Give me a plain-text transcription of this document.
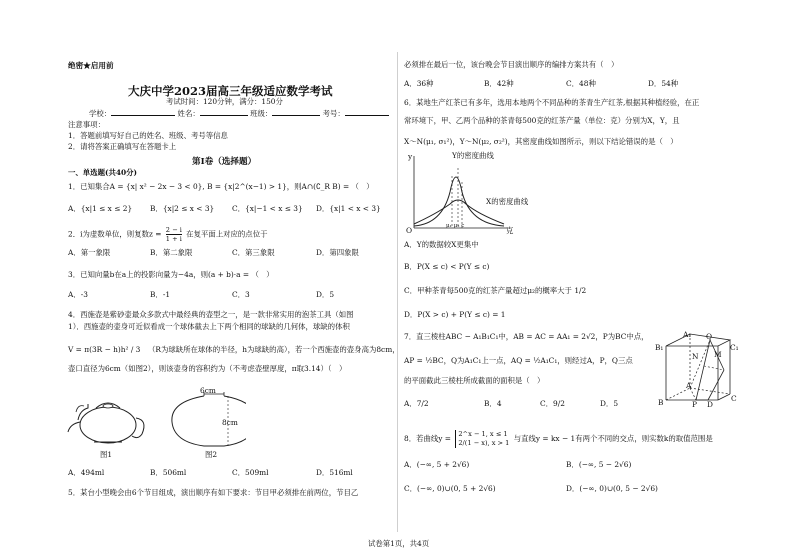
绝密★启用前
大庆中学2023届高三年级适应数学考试
考试时间：120分钟，满分：150分
学校：	姓名：	班级：	考号：
注意事项：
1．答题前填写好自己的姓名、班级、考号等信息
2．请将答案正确填写在答题卡上
第Ⅰ卷（选择题）
一、单选题(共40分)
1．已知集合A = {x| x² − 2x − 3 < 0}, B = {x|2^(x−1) > 1}，则A∩(∁_R B) = （　）
A．{x|1 ≤ x ≤ 2} B．{x|2 ≤ x < 3} C．{x|−1 < x ≤ 3} D．{x|1 < x < 3}
2．i为虚数单位，则复数$z = \frac{2 - i}{1 + i}$ 在复平面上对应的点位于
A．第一象限	B．第二象限	C．第三象限	D．第四象限
3．已知向量b在a上的投影向量为−4a，则(a + b)·a = （　）
A．-3	B．-1	C．3	D．5
4．西施壶是紫砂壶最众多款式中最经典的壶型之一，是一款非常实用的泡茶工具（如图
1）．西施壶的壶身可近似看成一个球体截去上下两个相同的球缺的几何体，球缺的体积
V = π(3R − h)h² / 3 （R为球缺所在球体的半径，h为球缺的高），若一个西施壶的壶身高为8cm，
壶口直径为6cm（如图2），则该壶身的容积约为（不考虑壶壁厚度，π取3.14）（　）
6cm
8cm
图1	图2
A．494ml	B．506ml	C．509ml	D．516ml
5．某台小型晚会由6个节目组成，演出顺序有如下要求：节目甲必须排在前两位，节目乙
必须排在最后一位，该台晚会节目演出顺序的编排方案共有（　）
A．36种	B．42种	C．48种	D．54种
6．某地生产红茶已有多年，选用本地两个不同品种的茶青生产红茶,根据其种植经验，在正
常环境下，甲、乙两个品种的茶青每500克的红茶产量（单位：克）分别为X，Y，且
X～N(μ₁, σ₁²)，Y～N(μ₂, σ₂²)，其密度曲线如图所示，则以下结论错误的是（　）
y	Y的密度曲线
X的密度曲线
O	μ₁ μ₂ c	克
A．Y的数据较X更集中
B．P(X ≤ c) < P(Y ≤ c)
C．甲种茶青每500克的红茶产量超过μ₂的概率大于 1/2
D．P(X > c) + P(Y ≤ c) = 1
7．直三棱柱ABC − A₁B₁C₁中，AB = AC = AA₁ = 2√2，P为BC中点，
AP = ½BC，Q为A₁C₁上一点，AQ = ½A₁C₁，则经过A，P，Q三点
的平面截此三棱柱所成截面的面积是（　）
A．7/2	B．4	C．9/2	D．5
A₁ Q
C₁
B₁
N M
A
B	P D
C
8．若曲线y = 2^x − 1, x ≤ 1
2/(1 − x), x > 1 与直线y = kx − 1有两个不同的交点，则实数k的取值范围是
A．(−∞, 5 + 2√6)	B．(−∞, 5 − 2√6)
C．(−∞, 0)∪(0, 5 + 2√6)	D．(−∞, 0)∪(0, 5 − 2√6)
试卷第1页，共4页
